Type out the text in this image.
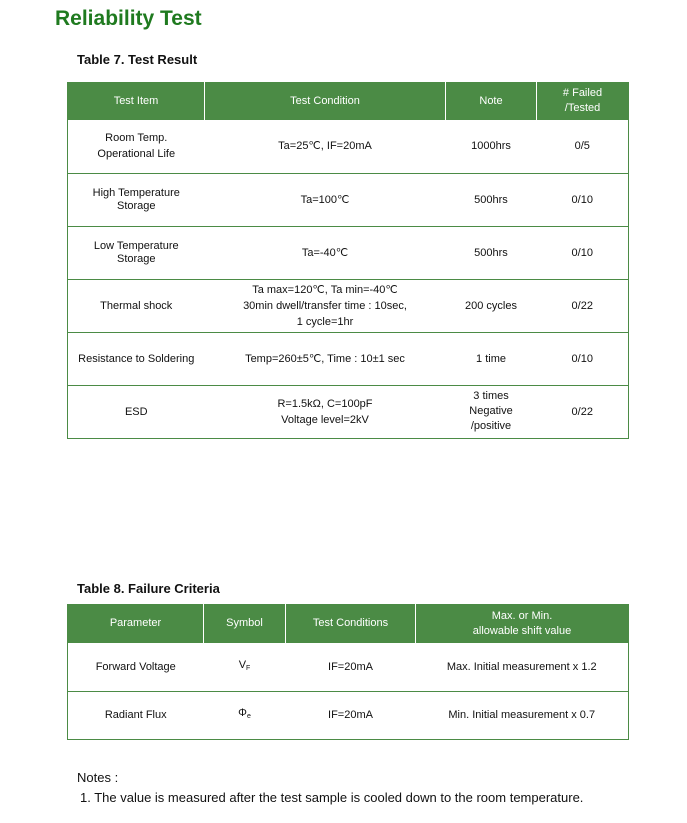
Reliability Test
Table 7. Test Result
Test Item	Test Condition	Note	# Failed
/Tested
Room Temp.
Operational Life	Ta=25℃, IF=20mA	1000hrs	0/5
High Temperature
Storage	Ta=100℃	500hrs	0/10
Low Temperature
Storage	Ta=-40℃	500hrs	0/10
Thermal shock	Ta max=120℃, Ta min=-40℃
30min dwell/transfer time : 10sec,
1 cycle=1hr	200 cycles	0/22
Resistance to Soldering	Temp=260±5℃, Time : 10±1 sec	1 time	0/10
ESD	R=1.5kΩ, C=100pF
Voltage level=2kV	3 times
Negative
/positive	0/22
Table 8. Failure Criteria
Parameter	Symbol	Test Conditions	Max. or Min.
allowable shift value
Forward Voltage	$V_F$	IF=20mA	Max. Initial measurement x 1.2
Radiant Flux	$\Phi_e$	IF=20mA	Min. Initial measurement x 0.7
Notes :
1. The value is measured after the test sample is cooled down to the room temperature.
